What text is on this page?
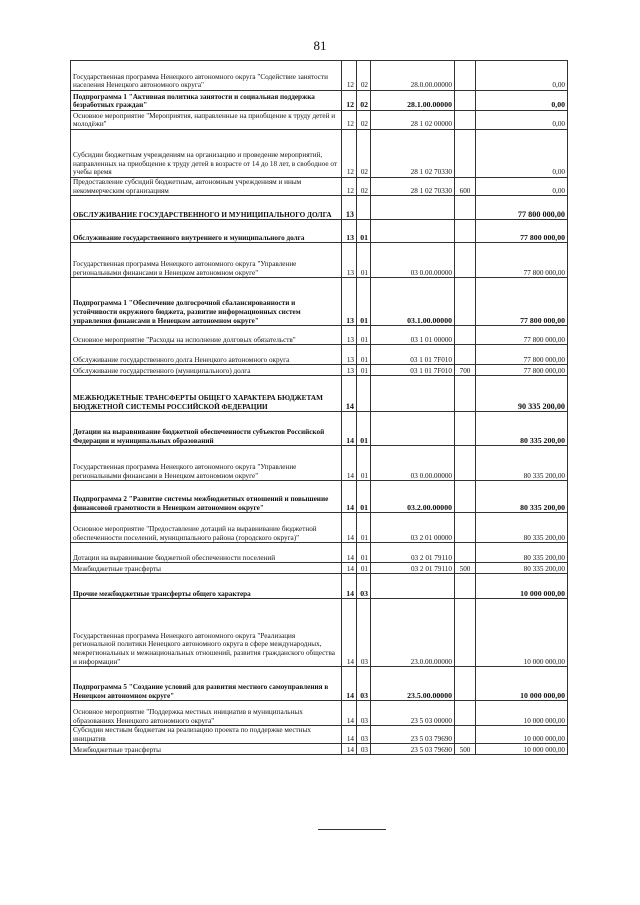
81
Государственная программа Ненецкого автономного округа "Содействие занятости населения Ненецкого автономного округа"	12	02	28.0.00.00000		0,00
Подпрограмма 1 "Активная политика занятости и социальная поддержка безработных граждан"	12	02	28.1.00.00000		0,00
Основное мероприятие "Мероприятия, направленные на приобщение к труду детей и молодёжи"	12	02	28 1 02 00000		0,00
Субсидии бюджетным учреждениям на организацию и проведение мероприятий, направленных на приобщение к труду детей в возрасте от 14 до 18 лет, в свободное от учебы время	12	02	28 1 02 70330		0,00
Предоставление субсидий бюджетным, автономным учреждениям и иным некоммерческим организациям	12	02	28 1 02 70330	600	0,00
ОБСЛУЖИВАНИЕ ГОСУДАРСТВЕННОГО И МУНИЦИПАЛЬНОГО ДОЛГА	13				77 800 000,00
Обслуживание государственного внутреннего и муниципального долга	13	01			77 800 000,00
Государственная программа Ненецкого автономного округа "Управление региональными финансами в Ненецком автономном округе"	13	01	03 0.00.00000		77 800 000,00
Подпрограмма 1 "Обеспечение долгосрочной сбалансированности и устойчивости окружного бюджета, развитие информационных систем управления финансами в Ненецком автономном округе"	13	01	03.1.00.00000		77 800 000,00
Основное мероприятие "Расходы на исполнение долговых обязательств"	13	01	03 1 01 00000		77 800 000,00
Обслуживание государственного долга Ненецкого автономного округа	13	01	03 1 01 7F010		77 800 000,00
Обслуживание государственного (муниципального) долга	13	01	03 1 01 7F010	700	77 800 000,00
МЕЖБЮДЖЕТНЫЕ ТРАНСФЕРТЫ ОБЩЕГО ХАРАКТЕРА БЮДЖЕТАМ БЮДЖЕТНОЙ СИСТЕМЫ РОССИЙСКОЙ ФЕДЕРАЦИИ	14				90 335 200,00
Дотации на выравнивание бюджетной обеспеченности субъектов Российской Федерации и муниципальных образований	14	01			80 335 200,00
Государственная программа Ненецкого автономного округа "Управление региональными финансами в Ненецком автономном округе"	14	01	03 0.00.00000		80 335 200,00
Подпрограмма 2 "Развитие системы межбюджетных отношений и повышение финансовой грамотности в Ненецком автономном округе"	14	01	03.2.00.00000		80 335 200,00
Основное мероприятие "Предоставление дотаций на выравнивание бюджетной обеспеченности поселений, муниципального района (городского округа)"	14	01	03 2 01 00000		80 335 200,00
Дотации на выравнивание бюджетной обеспеченности поселений	14	01	03 2 01 79110		80 335 200,00
Межбюджетные трансферты	14	01	03 2 01 79110	500	80 335 200,00
Прочие межбюджетные трансферты общего характера	14	03			10 000 000,00
Государственная программа Ненецкого автономного округа "Реализация региональной политики Ненецкого автономного округа в сфере международных, межрегиональных и межнациональных отношений, развития гражданского общества и информации"	14	03	23.0.00.00000		10 000 000,00
Подпрограмма 5 "Создание условий для развития местного самоуправления в Ненецком автономном округе"	14	03	23.5.00.00000		10 000 000,00
Основное мероприятие "Поддержка местных инициатив в муниципальных образованиях Ненецкого автономного округа"	14	03	23 5 03 00000		10 000 000,00
Субсидии местным бюджетам на реализацию проекта по поддержке местных инициатив	14	03	23 5 03 79690		10 000 000,00
Межбюджетные трансферты	14	03	23 5 03 79690	500	10 000 000,00
